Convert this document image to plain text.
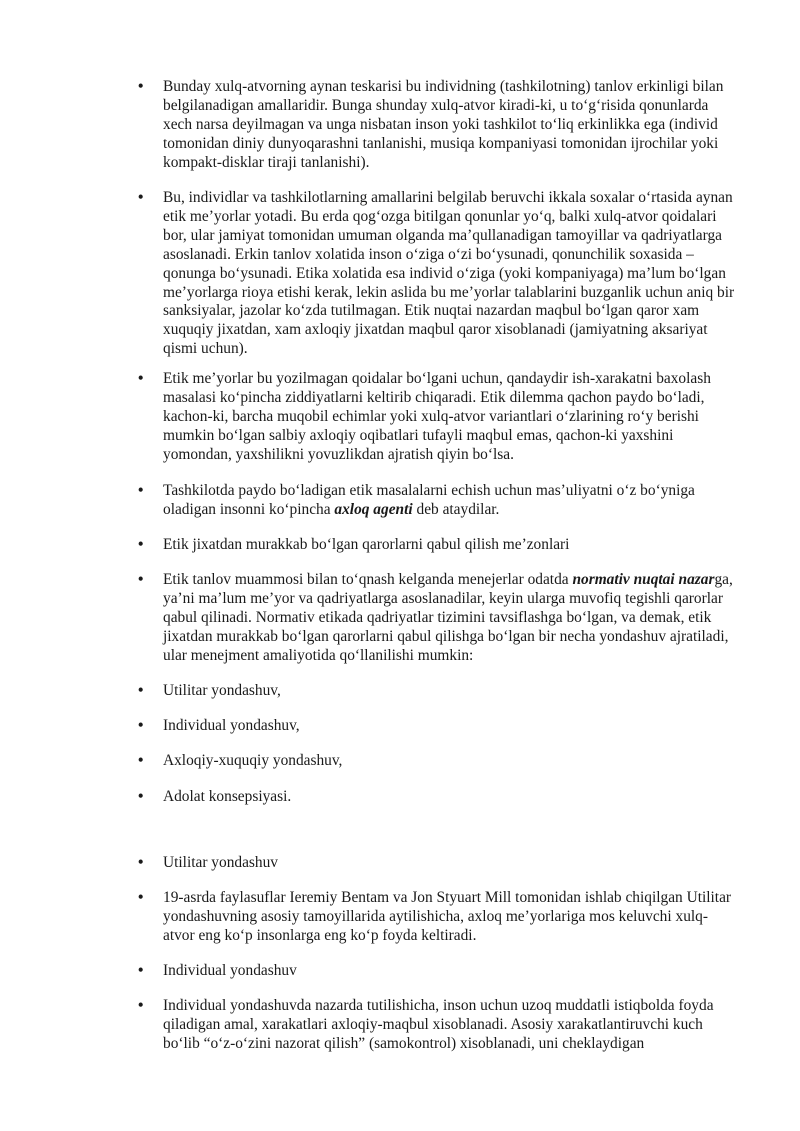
• Bunday xulq-atvorning aynan teskarisi bu individning (tashkilotning) tanlov erkinligi bilan belgilanadigan amallaridir. Bunga shunday xulq-atvor kiradi-ki, u to‘g‘risida qonunlarda xech narsa deyilmagan va unga nisbatan inson yoki tashkilot to‘liq erkinlikka ega (individ tomonidan diniy dunyoqarashni tanlanishi, musiqa kompaniyasi tomonidan ijrochilar yoki kompakt-disklar tiraji tanlanishi).
• Bu, individlar va tashkilotlarning amallarini belgilab beruvchi ikkala soxalar o‘rtasida aynan etik me’yorlar yotadi. Bu erda qog‘ozga bitilgan qonunlar yo‘q, balki xulq-atvor qoidalari bor, ular jamiyat tomonidan umuman olganda ma’qullanadigan tamoyillar va qadriyatlarga asoslanadi. Erkin tanlov xolatida inson o‘ziga o‘zi bo‘ysunadi, qonunchilik soxasida – qonunga bo‘ysunadi. Etika xolatida esa individ o‘ziga (yoki kompaniyaga) ma’lum bo‘lgan me’yorlarga rioya etishi kerak, lekin aslida bu me’yorlar talablarini buzganlik uchun aniq bir sanksiyalar, jazolar ko‘zda tutilmagan. Etik nuqtai nazardan maqbul bo‘lgan qaror xam xuquqiy jixatdan, xam axloqiy jixatdan maqbul qaror xisoblanadi (jamiyatning aksariyat qismi uchun).
• Etik me’yorlar bu yozilmagan qoidalar bo‘lgani uchun, qandaydir ish-xarakatni baxolash masalasi ko‘pincha ziddiyatlarni keltirib chiqaradi. Etik dilemma qachon paydo bo‘ladi, kachon-ki, barcha muqobil echimlar yoki xulq-atvor variantlari o‘zlarining ro‘y berishi mumkin bo‘lgan salbiy axloqiy oqibatlari tufayli maqbul emas, qachon-ki yaxshini yomondan, yaxshilikni yovuzlikdan ajratish qiyin bo‘lsa.
• Tashkilotda paydo bo‘ladigan etik masalalarni echish uchun mas’uliyatni o‘z bo‘yniga oladigan insonni ko‘pincha axloq agenti deb ataydilar.
• Etik jixatdan murakkab bo‘lgan qarorlarni qabul qilish me’zonlari
• Etik tanlov muammosi bilan to‘qnash kelganda menejerlar odatda normativ nuqtai nazarga, ya’ni ma’lum me’yor va qadriyatlarga asoslanadilar, keyin ularga muvofiq tegishli qarorlar qabul qilinadi. Normativ etikada qadriyatlar tizimini tavsiflashga bo‘lgan, va demak, etik jixatdan murakkab bo‘lgan qarorlarni qabul qilishga bo‘lgan bir necha yondashuv ajratiladi, ular menejment amaliyotida qo‘llanilishi mumkin:
• Utilitar yondashuv,
• Individual yondashuv,
• Axloqiy-xuquqiy yondashuv,
• Adolat konsepsiyasi.
• Utilitar yondashuv
• 19-asrda faylasuflar Ieremiy Bentam va Jon Styuart Mill tomonidan ishlab chiqilgan Utilitar yondashuvning asosiy tamoyillarida aytilishicha, axloq me’yorlariga mos keluvchi xulq-atvor eng ko‘p insonlarga eng ko‘p foyda keltiradi.
• Individual yondashuv
• Individual yondashuvda nazarda tutilishicha, inson uchun uzoq muddatli istiqbolda foyda qiladigan amal, xarakatlari axloqiy-maqbul xisoblanadi. Asosiy xarakatlantiruvchi kuch bo‘lib “o‘z-o‘zini nazorat qilish” (samokontrol) xisoblanadi, uni cheklaydigan
